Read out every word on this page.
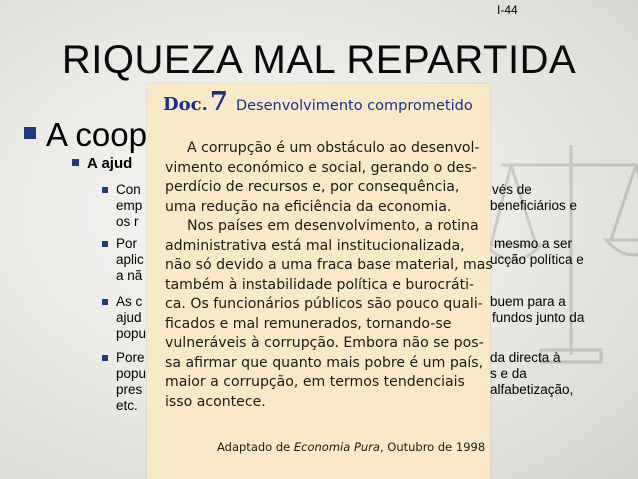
I-44
RIQUEZA MAL REPARTIDA
A coop
A ajud
Con
emp
os r
vés de
beneficiários e
Por
aplic
a nã
mesmo a ser
ucção política e
As c
ajud
popu
buem para a
fundos junto da
Pore
popu
pres
etc.
da directa à
s e da
alfabetização,
Doc.7 Desenvolvimento comprometido
A corrupção é um obstáculo ao desenvol-
vimento económico e social, gerando o des-
perdício de recursos e, por consequência,
uma redução na eficiência da economia.
Nos países em desenvolvimento, a rotina
administrativa está mal institucionalizada,
não só devido a uma fraca base material, mas
também à instabilidade política e burocráti-
ca. Os funcionários públicos são pouco quali-
ficados e mal remunerados, tornando-se
vulneráveis à corrupção. Embora não se pos-
sa afirmar que quanto mais pobre é um país,
maior a corrupção, em termos tendenciais
isso acontece.
Adaptado de Economia Pura, Outubro de 1998
